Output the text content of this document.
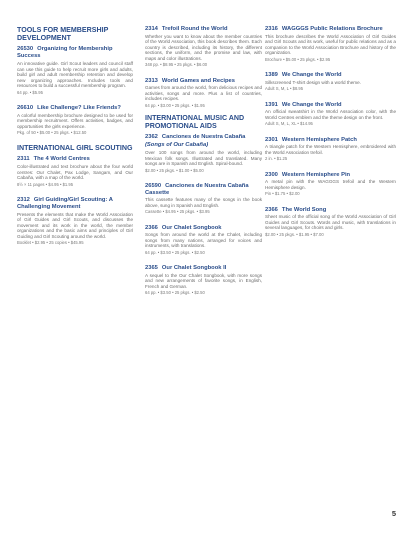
TOOLS FOR MEMBERSHIP DEVELOPMENT
26530 Organizing for Membership Success
An innovative guide. Girl Scout leaders and council staff can use this guide to help recruit more girls and adults, build girl and adult membership retention and develop new organizing approaches. Includes tools and resources to build a successful membership program.
64 pp. • $5.95
26610 Like Challenge? Like Friends?
A colorful membership brochure designed to be used for membership recruitment. Offers activities, badges, and opportunities the girls experience.
Pkg. of 50 • $5.00 • 25 pkgs. • $12.50
INTERNATIONAL GIRL SCOUTING
2311 The 4 World Centres
Color-illustrated and text brochure about the four world centres: Our Chalet, Pax Lodge, Sangam, and Our Cabaña, with a map of the world.
8½ × 11 pages • $4.95 • $1.95
2312 Girl Guiding/Girl Scouting: A Challenging Movement
Presents the elements that make the World Association of Girl Guides and Girl Scouts, and discusses the movement and its work in the world, the member organizations and the basic aims and principles of Girl Guiding and Girl Scouting around the world.
Booklet • $2.95 • 25 copies • $45.95
2314 Trefoil Round the World
Whether you want to know about the member countries of the World Association, this book describes them. Each country is described, including its history, the different sections, the uniform, and the promise and law, with maps and color illustrations.
348 pp. • $8.95 • 25 pkgs. • $6.00
2313 World Games and Recipes
Games from around the world, from delicious recipes and activities, songs and more. Plus a list of countries, includes recipes.
64 pp. • $3.00 • 25 pkgs. • $1.95
INTERNATIONAL MUSIC AND PROMOTIONAL AIDS
2362 Canciones de Nuestra Cabaña
(Songs of Our Cabaña)
Over 100 songs from around the world, including Mexican folk songs. Illustrated and translated. Many songs are in Spanish and English. Spiral-bound.
$2.00 • 25 pkgs. • $1.00 • $5.00
26590 Canciones de Nuestra Cabaña Cassette
This cassette features many of the songs in the book above, sung in Spanish and English.
Cassette • $4.95 • 25 pkgs. • $3.95
2366 Our Chalet Songbook
Songs from around the world at the Chalet, including songs from many nations, arranged for voices and instruments, with translations.
64 pp. • $3.50 • 25 pkgs. • $2.50
2365 Our Chalet Songbook II
A sequel to the Our Chalet Songbook, with more songs and new arrangements of favorite songs, in English, French and German.
64 pp. • $3.50 • 25 pkgs. • $2.50
2316 WAGGGS Public Relations Brochure
This brochure describes the World Association of Girl Guides and Girl Scouts and its work, useful for public relations and as a companion to the World Association Brochure and history of the organization.
Brochure • $5.00 • 25 pkgs. • $2.95
1389 We Change the World
Silkscreened T-shirt design with a world theme.
Adult S, M, L • $8.95
1391 We Change the World
An official sweatshirt in the World Association color, with the World Centres emblem and the theme design on the front.
Adult S, M, L, XL • $14.95
2301 Western Hemisphere Patch
A triangle patch for the Western Hemisphere, embroidered with the World Association trefoil.
2 in. • $1.25
2300 Western Hemisphere Pin
A metal pin with the WAGGGS trefoil and the Western Hemisphere design.
Pin • $1.75 • $2.00
2366 The World Song
Sheet music of the official song of the World Association of Girl Guides and Girl Scouts. Words and music, with translations in several languages, for choirs and girls.
$2.00 • 25 pkgs. • $1.95 • $7.00
5
